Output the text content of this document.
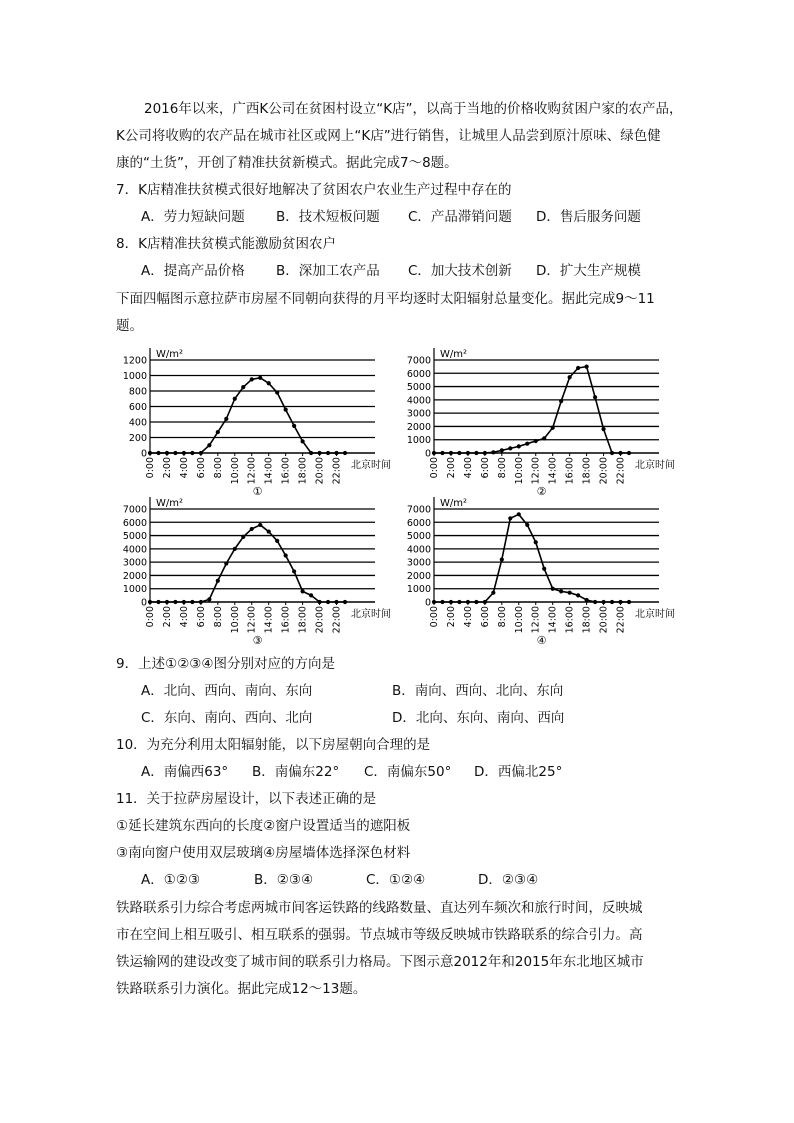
2016年以来，广西K公司在贫困村设立“K店”，以高于当地的价格收购贫困户家的农产品，
K公司将收购的农产品在城市社区或网上“K店”进行销售，让城里人品尝到原汁原味、绿色健
康的“土货”，开创了精准扶贫新模式。据此完成7～8题。
7．K店精准扶贫模式很好地解决了贫困农户农业生产过程中存在的
A．劳力短缺问题 B．技术短板问题 C．产品滞销问题 D．售后服务问题
8．K店精准扶贫模式能激励贫困农户
A．提高产品价格 B．深加工农产品 C．加大技术创新 D．扩大生产规模
下面四幅图示意拉萨市房屋不同朝向获得的月平均逐时太阳辐射总量变化。据此完成9～11
题。
0
200
400
600
800
1000
1200
W/m²
0:00 2:00 4:00 6:00 8:00 10:00 12:00 14:00 16:00 18:00 20:00 22:00 北京时间
①
0
1000
2000
3000
4000
5000
6000
7000
W/m²
0:00 2:00 4:00 6:00 8:00 10:00 12:00 14:00 16:00 18:00 20:00 22:00 北京时间
②
0
1000
2000
3000
4000
5000
6000
7000
W/m²
0:00 2:00 4:00 6:00 8:00 10:00 12:00 14:00 16:00 18:00 20:00 22:00 北京时间
③
0
1000
2000
3000
4000
5000
6000
7000
W/m²
0:00 2:00 4:00 6:00 8:00 10:00 12:00 14:00 16:00 18:00 20:00 22:00 北京时间
④
9．上述①②③④图分别对应的方向是
A．北向、西向、南向、东向	B．南向、西向、北向、东向
C．东向、南向、西向、北向	D．北向、东向、南向、西向
10．为充分利用太阳辐射能，以下房屋朝向合理的是
A．南偏西63° B．南偏东22° C．南偏东50° D．西偏北25°
11．关于拉萨房屋设计，以下表述正确的是
①延长建筑东西向的长度②窗户设置适当的遮阳板
③南向窗户使用双层玻璃④房屋墙体选择深色材料
A．①②③	B．②③④	C．①②④	D．②③④
铁路联系引力综合考虑两城市间客运铁路的线路数量、直达列车频次和旅行时间，反映城
市在空间上相互吸引、相互联系的强弱。节点城市等级反映城市铁路联系的综合引力。高
铁运输网的建设改变了城市间的联系引力格局。下图示意2012年和2015年东北地区城市
铁路联系引力演化。据此完成12～13题。
